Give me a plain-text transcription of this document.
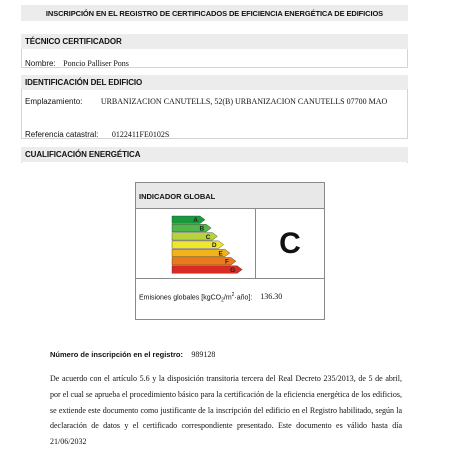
INSCRIPCIÓN EN EL REGISTRO DE CERTIFICADOS DE EFICIENCIA ENERGÉTICA DE EDIFICIOS
TÉCNICO CERTIFICADOR
Nombre: Poncio Palliser Pons
IDENTIFICACIÓN DEL EDIFICIO
Emplazamiento: URBANIZACION CANUTELLS, 52(B) URBANIZACION CANUTELLS 07700 MAO
Referencia catastral: 0122411FE0102S
CUALIFICACIÓN ENERGÉTICA
INDICADOR GLOBAL
A
B
C
D
E
F
G
C
Emisiones globales $[kgCO_2/m^2\cdot año]$: 136.30
Número de inscripción en el registro: 989128
De acuerdo con el artículo 5.6 y la disposición transitoria tercera del Real Decreto 235/2013, de 5 de abril, por el cual se aprueba el procedimiento básico para la certificación de la eficiencia energética de los edificios, se extiende este documento como justificante de la inscripción del edificio en el Registro habilitado, según la declaración de datos y el certificado correspondiente presentado. Este documento es válido hasta día 21/06/2032
